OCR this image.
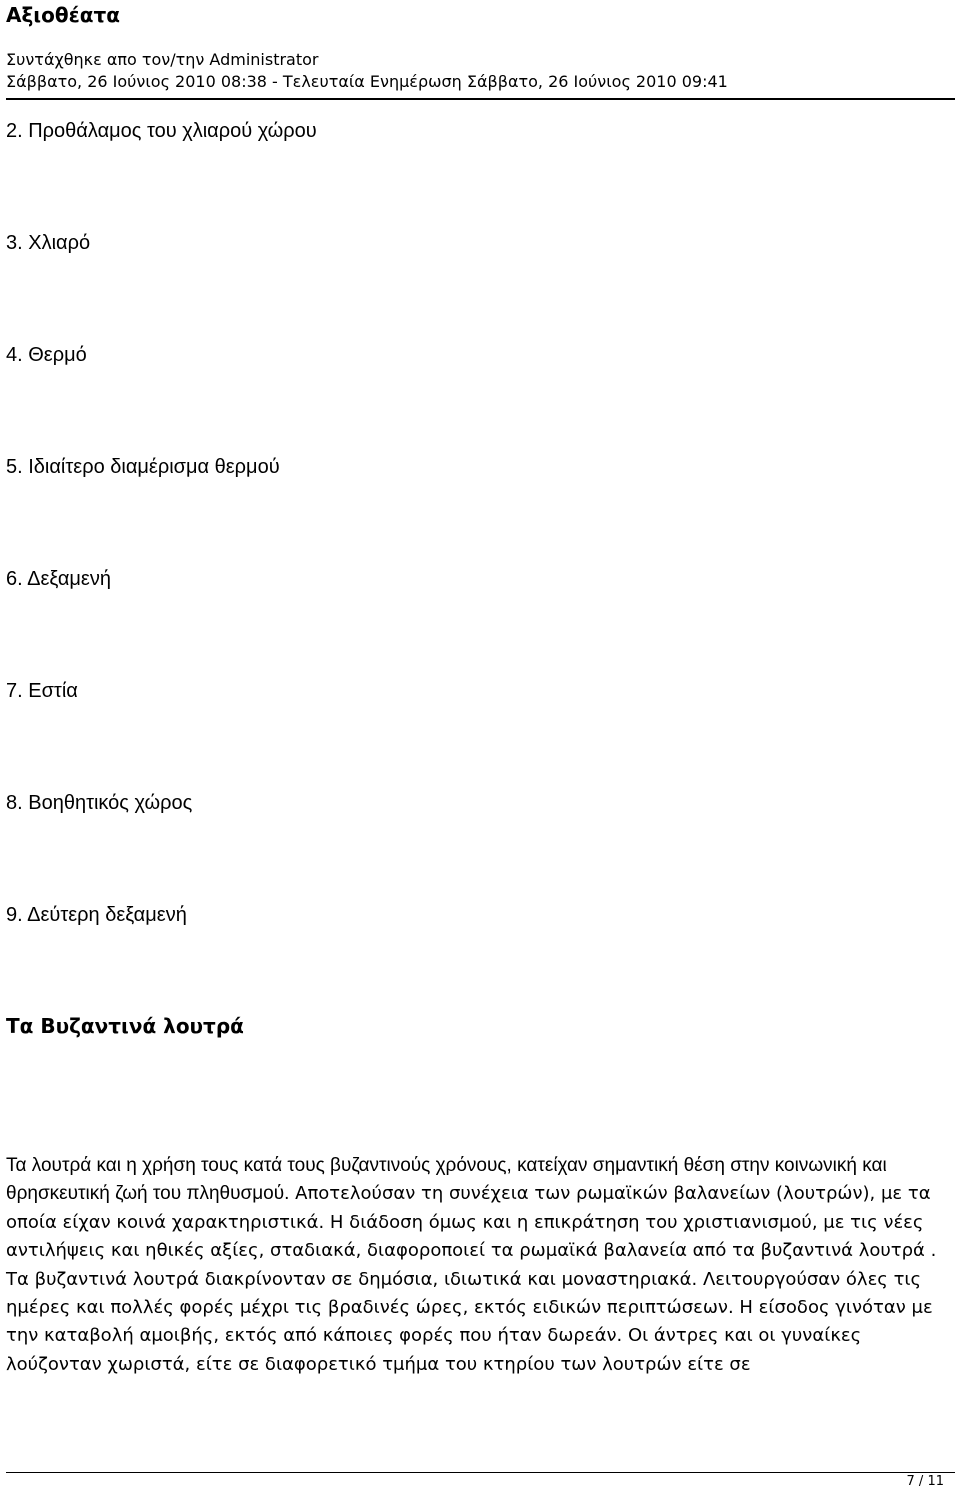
Αξιοθέατα
Συντάχθηκε απο τον/την Administrator
Σάββατο, 26 Ιούνιος 2010 08:38 - Τελευταία Ενημέρωση Σάββατο, 26 Ιούνιος 2010 09:41
2. Προθάλαμος του χλιαρού χώρου
3. Χλιαρό
4. Θερμό
5. Ιδιαίτερο διαμέρισμα θερμού
6. Δεξαμενή
7. Εστία
8. Βοηθητικός χώρος
9. Δεύτερη δεξαμενή
Τα Βυζαντινά λουτρά
Τα λουτρά και η χρήση τους κατά τους βυζαντινούς χρόνους, κατείχαν σημαντική θέση στην κοινωνική και θρησκευτική ζωή του πληθυσμού. Αποτελούσαν τη συνέχεια των ρωμαϊκών βαλανείων (λουτρών), με τα οποία είχαν κοινά χαρακτηριστικά. Η διάδοση όμως και η επικράτηση του χριστιανισμού, με τις νέες αντιλήψεις και ηθικές αξίες, σταδιακά, διαφοροποιεί τα ρωμαϊκά βαλανεία από τα βυζαντινά λουτρά . Τα βυζαντινά λουτρά διακρίνονταν σε δημόσια, ιδιωτικά και μοναστηριακά. Λειτουργούσαν όλες τις ημέρες και πολλές φορές μέχρι τις βραδινές ώρες, εκτός ειδικών περιπτώσεων. Η είσοδος γινόταν με την καταβολή αμοιβής, εκτός από κάποιες φορές που ήταν δωρεάν. Οι άντρες και οι γυναίκες λούζονταν χωριστά, είτε σε διαφορετικό τμήμα του κτηρίου των λουτρών είτε σε
7 / 11
